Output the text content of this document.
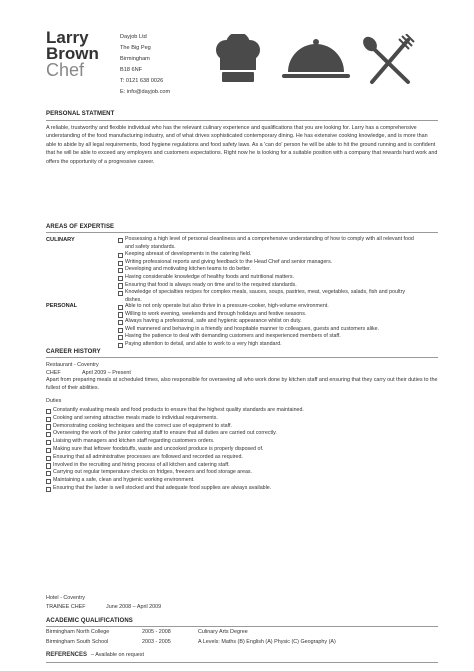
Larry
Brown
Chef
Dayjob Ltd
The Big Peg
Birmingham
B18 6NF
T: 0121 638 0026
E: info@dayjob.com
PERSONAL STATMENT
A reliable, trustworthy and flexible individual who has the relevant culinary experience and qualifications that you are looking for. Larry has a comprehensive understanding of the food manufacturing industry, and of what drives sophisticated contemporary dining. He has extensive cooking knowledge, and is more than able to abide by all legal requirements, food hygiene regulations and food safety laws. As a 'can do' person he will be able to hit the ground running and is confident that he will be able to exceed any employers and customers expectations. Right now he is looking for a suitable position with a company that rewards hard work and offers the opportunity of a progressive career.
AREAS OF EXPERTISE
CULINARY	Possessing a high level of personal cleanliness and a comprehensive understanding of how to comply with all relevant food and safety standards.
Keeping abreast of developments in the catering field.
Writing professional reports and giving feedback to the Head Chef and senior managers.
Developing and motivating kitchen teams to do better.
Having considerable knowledge of healthy foods and nutritional matters.
Ensuring that food is always ready on time and to the required standards.
Knowledge of specialties recipes for complex meals, sauces, soups, pastries, meat, vegetables, salads, fish and poultry dishes.
PERSONAL	Able to not only operate but also thrive in a pressure-cooker, high-volume environment.
Willing to work evening, weekends and through holidays and festive seasons.
Always having a professional, safe and hygienic appearance whilst on duty.
Well mannered and behaving in a friendly and hospitable manner to colleagues, guests and customers alike.
Having the patience to deal with demanding customers and inexperienced members of staff.
Paying attention to detail, and able to work to a very high standard.
CAREER HISTORY
Restaurant - Coventry
CHEF	April 2009 – Present
Apart from preparing meals at scheduled times, also responsible for overseeing all who work done by kitchen staff and ensuring that they carry out their duties to the fullest of their abilities.
Duties
Constantly evaluating meals and food products to ensure that the highest quality standards are maintained.
Cooking and serving attractive meals made to individual requirements.
Demonstrating cooking techniques and the correct use of equipment to staff.
Overseeing the work of the junior catering staff to ensure that all duties are carried out correctly.
Liaising with managers and kitchen staff regarding customers orders.
Making sure that leftover foodstuffs, waste and uncooked produce is properly disposed of.
Ensuring that all administrative processes are followed and recorded as required.
Involved in the recruiting and hiring process of all kitchen and catering staff.
Carrying out regular temperature checks on fridges, freezers and food storage areas.
Maintaining a safe, clean and hygienic working environment.
Ensuring that the larder is well stocked and that adequate food supplies are always available.
Hotel - Coventry
TRAINEE CHEF	June 2008 – April 2009
ACADEMIC QUALIFICATIONS
Birmingham North College	2005 - 2008	Culinary Arts Degree
Birmingham South School	2003 - 2005	A Levels: Maths (B) English (A) Physic (C) Geography (A)
REFERENCES – Available on request
